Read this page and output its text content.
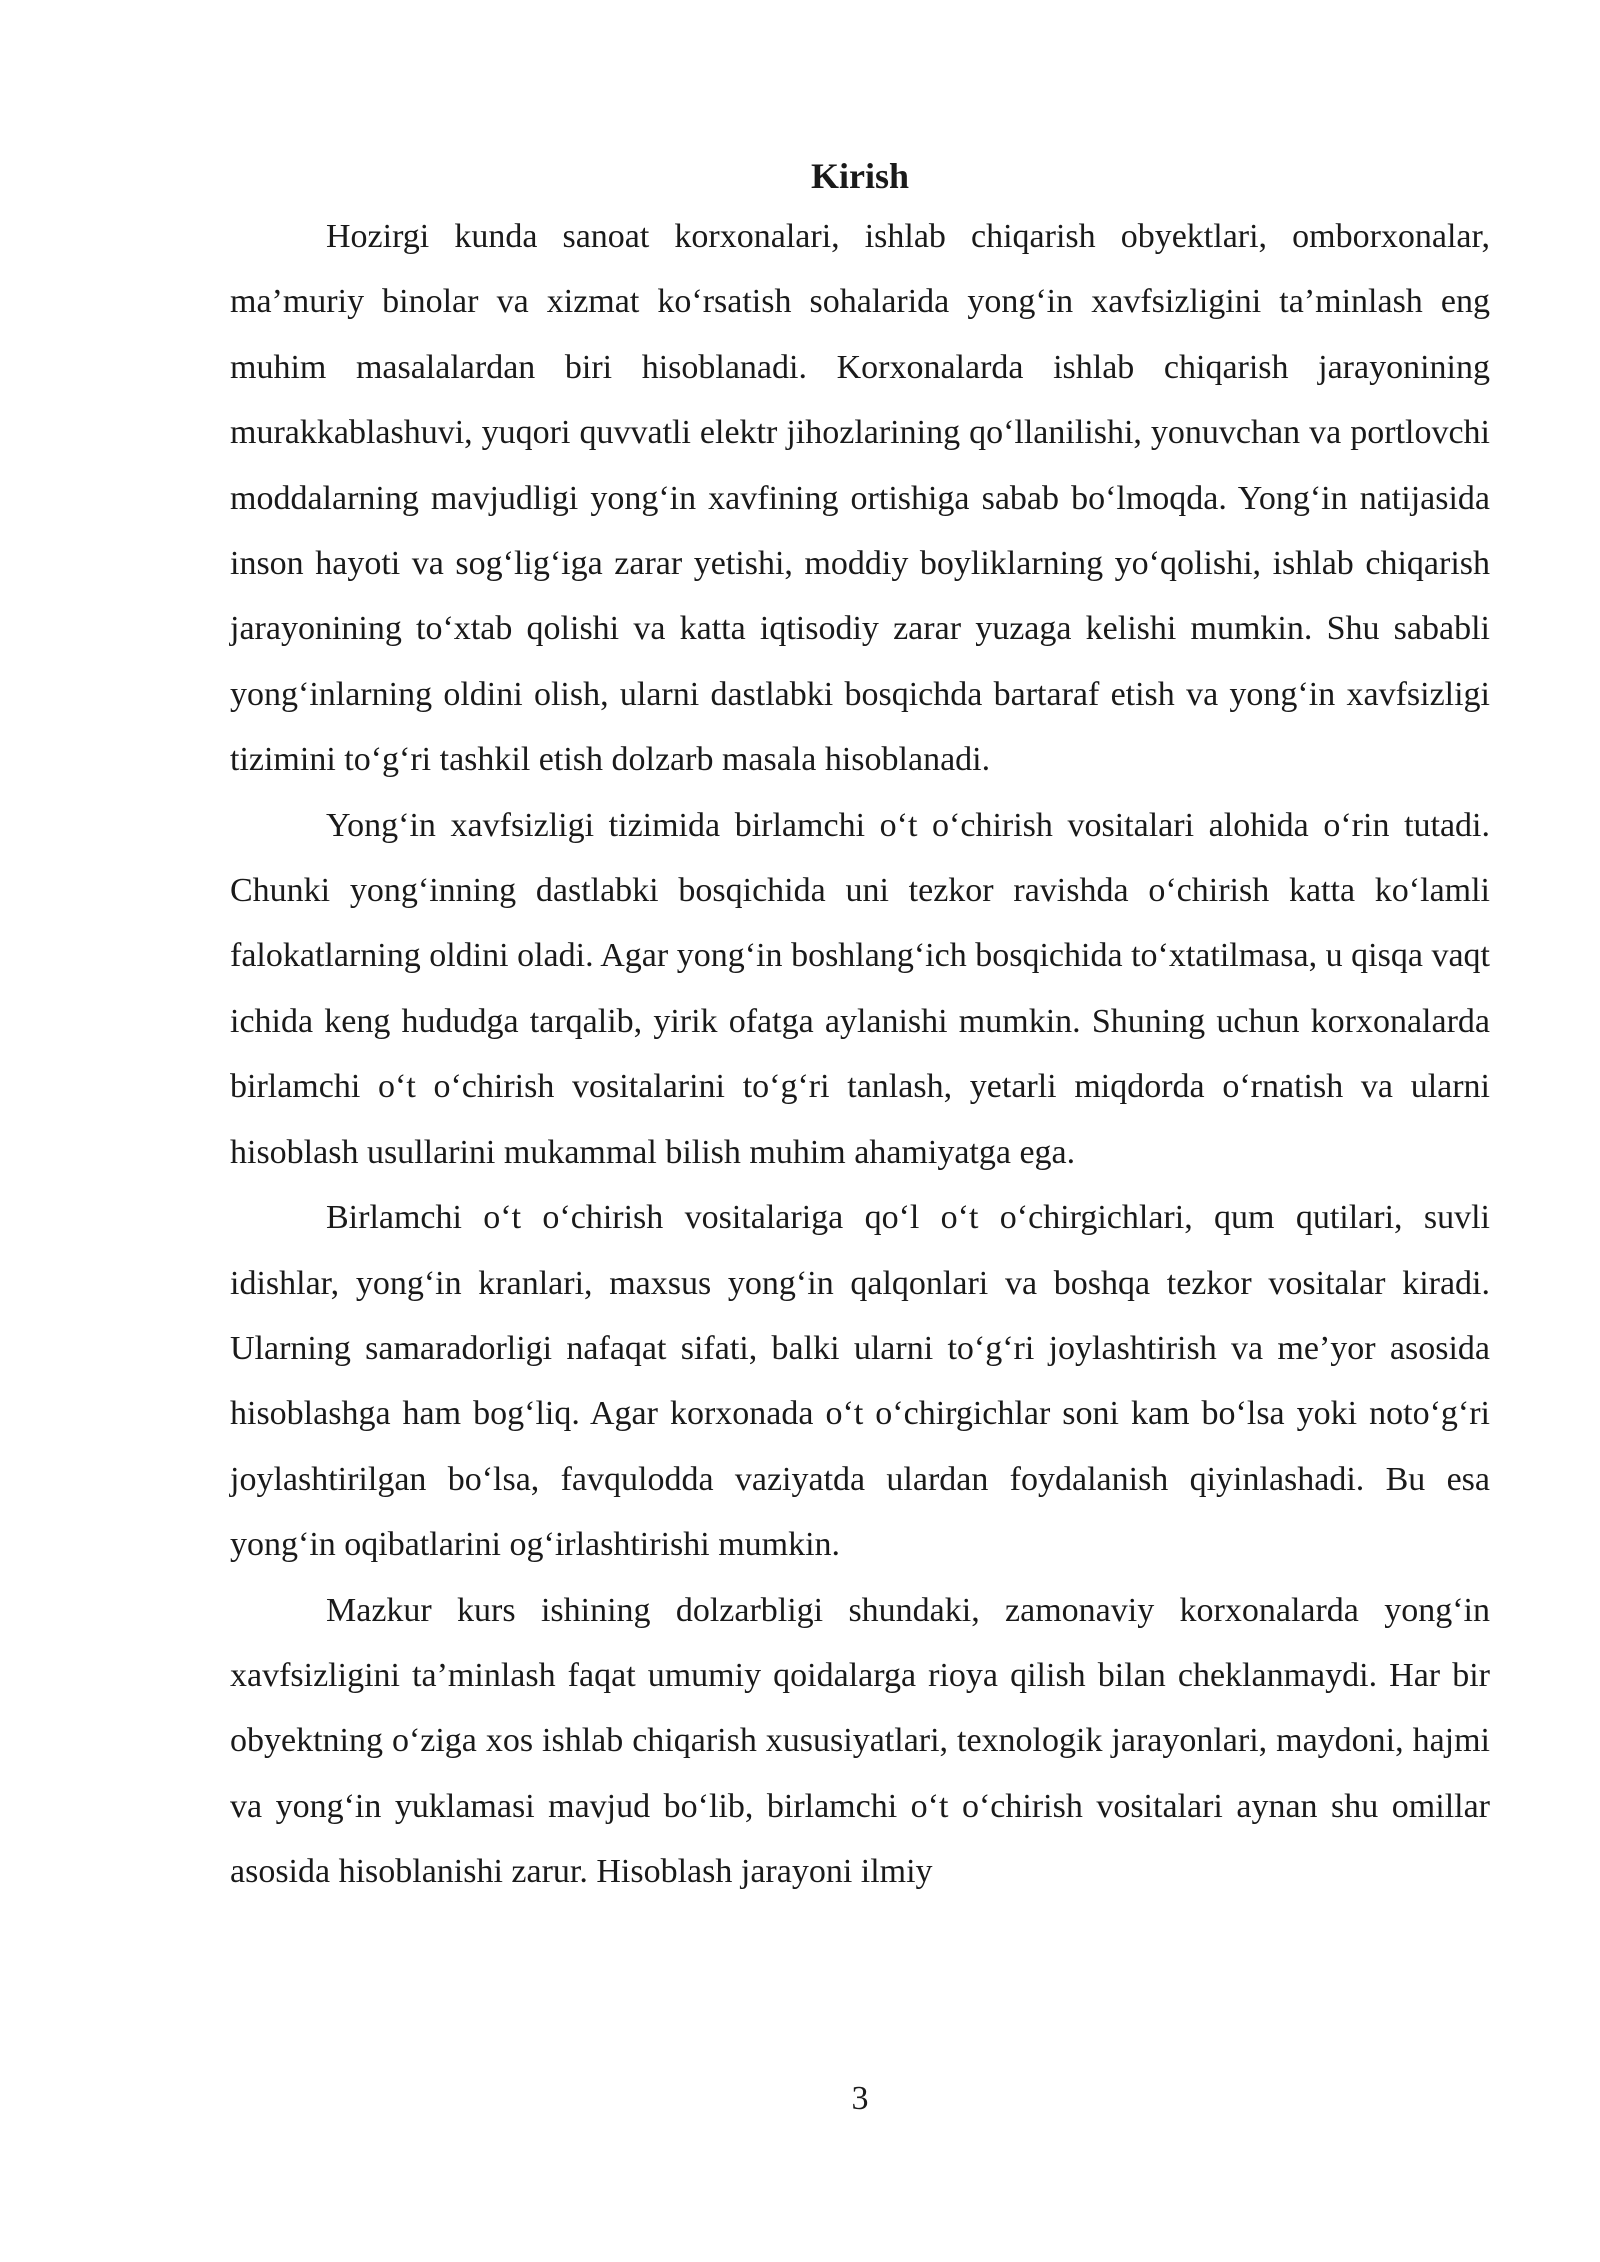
Kirish

Hozirgi kunda sanoat korxonalari, ishlab chiqarish obyektlari, omborxonalar, ma’muriy binolar va xizmat ko‘rsatish sohalarida yong‘in xavfsizligini ta’minlash eng muhim masalalardan biri hisoblanadi. Korxonalarda ishlab chiqarish jarayonining murakkablashuvi, yuqori quvvatli elektr jihozlarining qo‘llanilishi, yonuvchan va portlovchi moddalarning mavjudligi yong‘in xavfining ortishiga sabab bo‘lmoqda. Yong‘in natijasida inson hayoti va sog‘lig‘iga zarar yetishi, moddiy boyliklarning yo‘qolishi, ishlab chiqarish jarayonining to‘xtab qolishi va katta iqtisodiy zarar yuzaga kelishi mumkin. Shu sababli yong‘inlarning oldini olish, ularni dastlabki bosqichda bartaraf etish va yong‘in xavfsizligi tizimini to‘g‘ri tashkil etish dolzarb masala hisoblanadi.

Yong‘in xavfsizligi tizimida birlamchi o‘t o‘chirish vositalari alohida o‘rin tutadi. Chunki yong‘inning dastlabki bosqichida uni tezkor ravishda o‘chirish katta ko‘lamli falokatlarning oldini oladi. Agar yong‘in boshlang‘ich bosqichida to‘xtatilmasa, u qisqa vaqt ichida keng hududga tarqalib, yirik ofatga aylanishi mumkin. Shuning uchun korxonalarda birlamchi o‘t o‘chirish vositalarini to‘g‘ri tanlash, yetarli miqdorda o‘rnatish va ularni hisoblash usullarini mukammal bilish muhim ahamiyatga ega.

Birlamchi o‘t o‘chirish vositalariga qo‘l o‘t o‘chirgichlari, qum qutilari, suvli idishlar, yong‘in kranlari, maxsus yong‘in qalqonlari va boshqa tezkor vositalar kiradi. Ularning samaradorligi nafaqat sifati, balki ularni to‘g‘ri joylashtirish va me’yor asosida hisoblashga ham bog‘liq. Agar korxonada o‘t o‘chirgichlar soni kam bo‘lsa yoki noto‘g‘ri joylashtirilgan bo‘lsa, favqulodda vaziyatda ulardan foydalanish qiyinlashadi. Bu esa yong‘in oqibatlarini og‘irlashtirishi mumkin.

Mazkur kurs ishining dolzarbligi shundaki, zamonaviy korxonalarda yong‘in xavfsizligini ta’minlash faqat umumiy qoidalarga rioya qilish bilan cheklanmaydi. Har bir obyektning o‘ziga xos ishlab chiqarish xususiyatlari, texnologik jarayonlari, maydoni, hajmi va yong‘in yuklamasi mavjud bo‘lib, birlamchi o‘t o‘chirish vositalari aynan shu omillar asosida hisoblanishi zarur. Hisoblash jarayoni ilmiy

3
